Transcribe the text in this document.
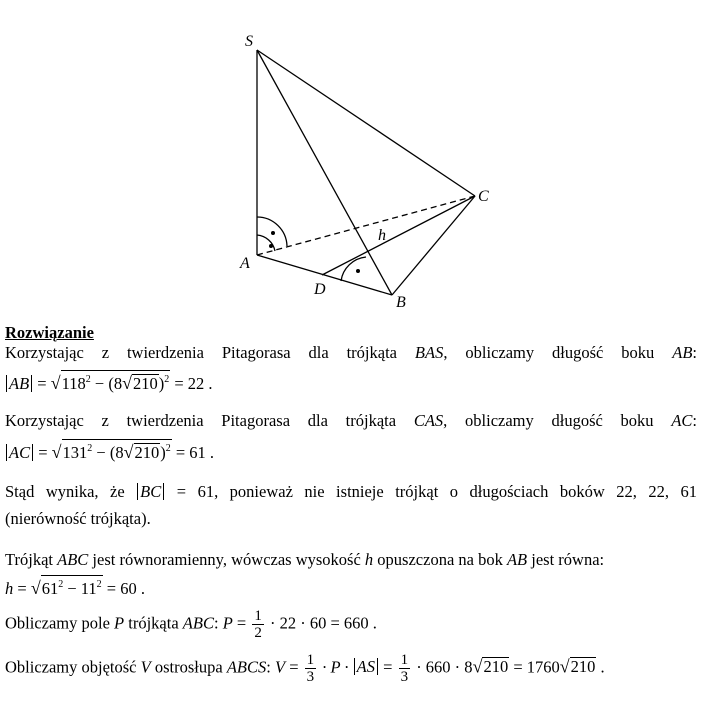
S
C
A
D
B
h
Rozwiązanie
Korzystając z twierdzenia Pitagorasa dla trójkąta BAS, obliczamy długość boku AB:
AB = $√118^2 - (8√210)^2 = 22$ .
Korzystając z twierdzenia Pitagorasa dla trójkąta CAS, obliczamy długość boku AC:
AC = $√131^2 - (8√210)^2 = 61$ .
Stąd wynika, że BC = 61, ponieważ nie istnieje trójkąt o długościach boków 22, 22, 61
(nierówność trójkąta).
Trójkąt ABC jest równoramienny, wówczas wysokość h opuszczona na bok AB jest równa:
$h = √61^2 - 11^2 = 60$ .
Obliczamy pole P trójkąta ABC: $P = \frac{1}{2} \cdot 22 \cdot 60 = 660$ .
Obliczamy objętość V ostrosłupa ABCS: $V = \frac{1}{3} \cdot P$ · AS = $\frac{1}{3} \cdot 660 \cdot 8√210 = 1760√210$ .
